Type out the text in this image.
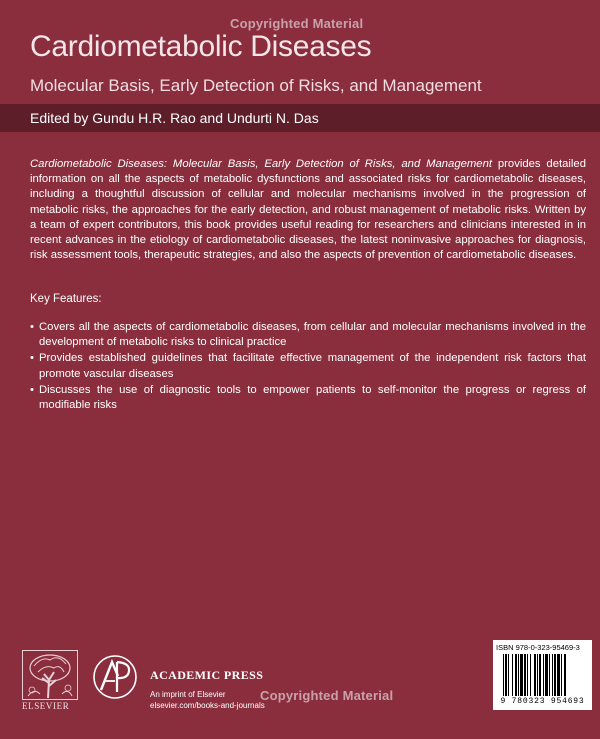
Copyrighted Material
Cardiometabolic Diseases
Molecular Basis, Early Detection of Risks, and Management
Edited by Gundu H.R. Rao and Undurti N. Das
Cardiometabolic Diseases: Molecular Basis, Early Detection of Risks, and Management provides detailed information on all the aspects of metabolic dysfunctions and associated risks for cardiometabolic diseases, including a thoughtful discussion of cellular and molecular mechanisms involved in the progression of metabolic risks, the approaches for the early detection, and robust management of metabolic risks. Written by a team of expert contributors, this book provides useful reading for researchers and clinicians interested in in recent advances in the etiology of cardiometabolic diseases, the latest noninvasive approaches for diagnosis, risk assessment tools, therapeutic strategies, and also the aspects of prevention of cardiometabolic diseases.
Key Features:
• Covers all the aspects of cardiometabolic diseases, from cellular and molecular mechanisms involved in the development of metabolic risks to clinical practice
• Provides established guidelines that facilitate effective management of the independent risk factors that promote vascular diseases
• Discusses the use of diagnostic tools to empower patients to self-monitor the progress or regress of modifiable risks
ELSEVIER
ACADEMIC PRESS
An imprint of Elsevier
elsevier.com/books-and-journals
ISBN 978-0-323-95469-3
9 780323 954693
Copyrighted Material
